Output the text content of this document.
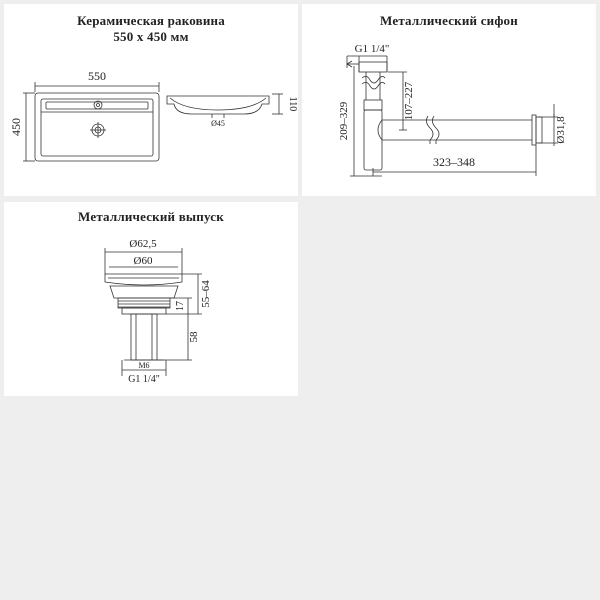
Керамическая раковина
550 x 450 мм
550
450
110
Ø45
Металлический сифон
G1 1/4"
209–329
107–227
323–348
Ø31,8
Металлический выпуск
Ø62,5
Ø60
55–64
17
58
M6
G1 1/4"
